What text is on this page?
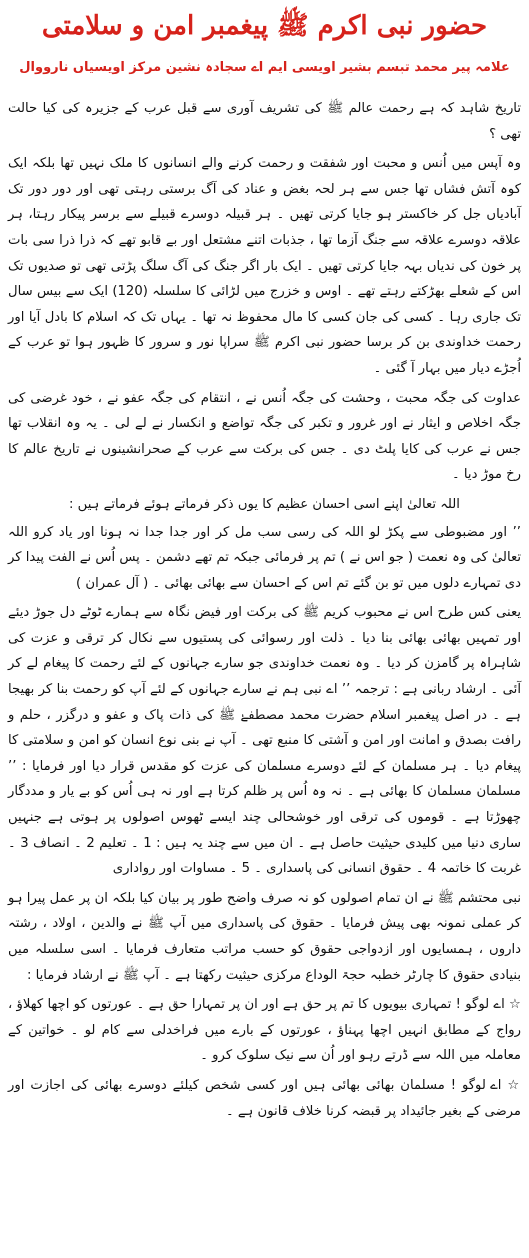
حضور نبی اکرم ﷺ پیغمبر امن و سلامتی
علامہ پیر محمد تبسم بشیر اویسی ایم اے سجادہ نشین مرکز اویسیاں نارووال

تاریخ شاہد کہ ہے رحمت عالم ﷺ کی تشریف آوری سے قبل عرب کے جزیرہ کی کیا حالت تھی ؟

وہ آپس میں اُنس و محبت اور شفقت و رحمت کرنے والے انسانوں کا ملک نہیں تھا بلکہ ایک کوہ آتش فشاں تھا جس سے ہر لحہ بغض و عناد کی آگ برستی رہتی تھی اور دور دور تک آبادیاں جل کر خاکستر ہو جایا کرتی تھیں ۔ ہر قبیلہ دوسرے قبیلے سے برسر پیکار رہتا، ہر علاقہ دوسرے علاقہ سے جنگ آزما تھا ، جذبات اتنے مشتعل اور بے قابو تھے کہ ذرا ذرا سی بات پر خون کی ندیاں بہہ جایا کرتی تھیں ۔ ایک بار اگر جنگ کی آگ سلگ پڑتی تھی تو صدیوں تک اس کے شعلے بھڑکتے رہتے تھے ۔ اوس و خزرج میں لڑائی کا سلسلہ (120) ایک سے بیس سال تک جاری رہا ۔ کسی کی جان کسی کا مال محفوظ نہ تھا ۔ یہاں تک کہ اسلام کا بادل آیا اور رحمت خداوندی بن کر برسا حضور نبی اکرم ﷺ سراپا نور و سرور کا ظہور ہوا تو عرب کے اُجڑے دیار میں بہار آ گئی ۔

عداوت کی جگہ محبت ، وحشت کی جگہ اُنس نے ، انتقام کی جگہ عفو نے ، خود غرضی کی جگہ اخلاص و ایثار نے اور غرور و تکبر کی جگہ تواضع و انکسار نے لے لی ۔ یہ وہ انقلاب تھا جس نے عرب کی کایا پلٹ دی ۔ جس کی برکت سے عرب کے صحرانشینوں نے تاریخ عالم کا رخ موڑ دیا ۔

اللہ تعالیٰ اپنے اسی احسان عظیم کا یوں ذکر فرماتے ہوئے فرماتے ہیں :

’’ اور مضبوطی سے پکڑ لو اللہ کی رسی سب مل کر اور جدا جدا نہ ہونا اور یاد کرو اللہ تعالیٰ کی وہ نعمت ( جو اس نے ) تم پر فرمائی جبکہ تم تھے دشمن ۔ پس اُس نے الفت پیدا کر دی تمہارے دلوں میں تو بن گئے تم اس کے احسان سے بھائی بھائی ۔ ( آل عمران )

یعنی کس طرح اس نے محبوب کریم ﷺ کی برکت اور فیض نگاہ سے ہمارے ٹوٹے دل جوڑ دیئے اور تمہیں بھائی بھائی بنا دیا ۔ ذلت اور رسوائی کی پستیوں سے نکال کر ترقی و عزت کی شاہراہ پر گامزن کر دیا ۔ وہ نعمت خداوندی جو سارے جہانوں کے لئے رحمت کا پیغام لے کر آئی ۔ ارشاد ربانی ہے : ترجمہ ’’ اے نبی ہم نے سارے جہانوں کے لئے آپ کو رحمت بنا کر بھیجا ہے ۔ در اصل پیغمبر اسلام حضرت محمد مصطفےٰ ﷺ کی ذات پاک و عفو و درگزر ، حلم و رافت بصدق و امانت اور امن و آشتی کا منبع تھی ۔ آپ نے بنی نوع انسان کو امن و سلامتی کا پیغام دیا ۔ ہر مسلمان کے لئے دوسرے مسلمان کی عزت کو مقدس قرار دیا اور فرمایا : ’’ مسلمان مسلمان کا بھائی ہے ۔ نہ وہ اُس پر ظلم کرتا ہے اور نہ ہی اُس کو بے یار و مددگار چھوڑتا ہے ۔ قوموں کی ترقی اور خوشحالی چند ایسے ٹھوس اصولوں پر ہوتی ہے جنہیں ساری دنیا میں کلیدی حیثیت حاصل ہے ۔ ان میں سے چند یہ ہیں : 1 ۔ تعلیم 2 ۔ انصاف 3 ۔ غربت کا خاتمہ 4 ۔ حقوق انسانی کی پاسداری ۔ 5 ۔ مساوات اور رواداری

نبی محتشم ﷺ نے ان تمام اصولوں کو نہ صرف واضح طور پر بیان کیا بلکہ ان پر عمل پیرا ہو کر عملی نمونہ بھی پیش فرمایا ۔ حقوق کی پاسداری میں آپ ﷺ نے والدین ، اولاد ، رشتہ داروں ، ہمسایوں اور ازدواجی حقوق کو حسب مراتب متعارف فرمایا ۔ اسی سلسلہ میں بنیادی حقوق کا چارٹر خطبہ حجۃ الوداع مرکزی حیثیت رکھتا ہے ۔ آپ ﷺ نے ارشاد فرمایا :

☆ اے لوگو ! تمہاری بیویوں کا تم پر حق ہے اور ان پر تمہارا حق ہے ۔ عورتوں کو اچھا کھلاؤ ، رواج کے مطابق انہیں اچھا پہناؤ ، عورتوں کے بارے میں فراخدلی سے کام لو ۔ خواتین کے معاملہ میں اللہ سے ڈرتے رہو اور اُن سے نیک سلوک کرو ۔

☆ اے لوگو ! مسلمان بھائی بھائی ہیں اور کسی شخص کیلئے دوسرے بھائی کی اجازت اور مرضی کے بغیر جائیداد پر قبضہ کرنا خلاف قانون ہے ۔
